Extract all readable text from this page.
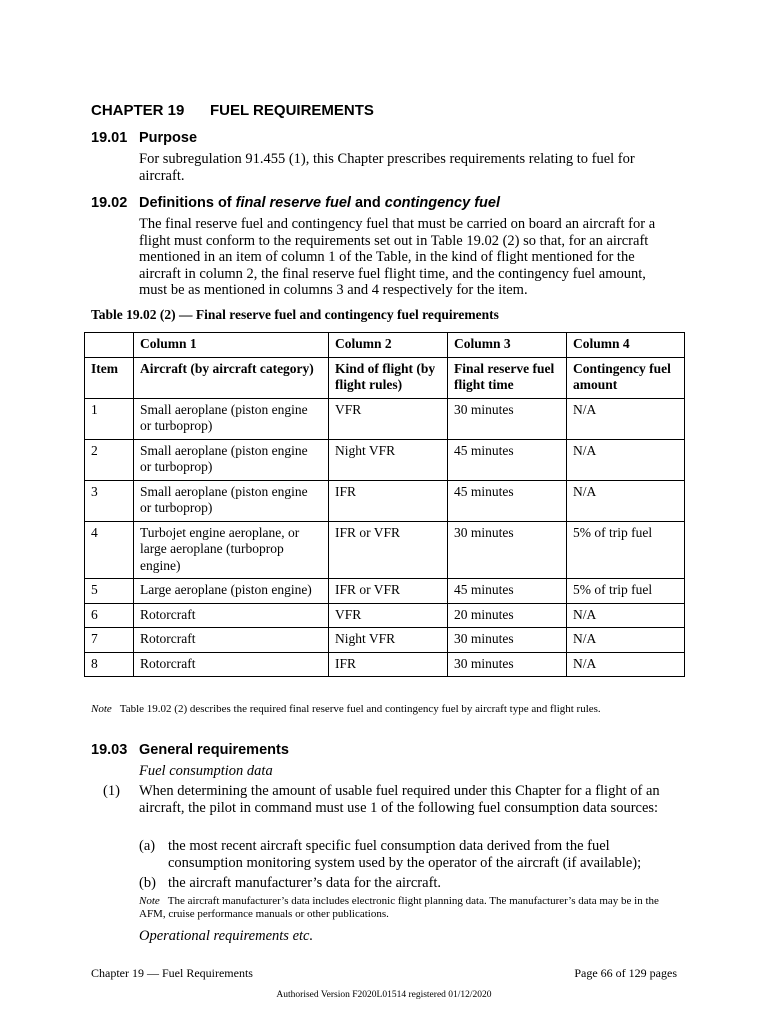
CHAPTER 19 FUEL REQUIREMENTS
19.01 Purpose
For subregulation 91.455 (1), this Chapter prescribes requirements relating to fuel for aircraft.
19.02 Definitions of final reserve fuel and contingency fuel
The final reserve fuel and contingency fuel that must be carried on board an aircraft for a flight must conform to the requirements set out in Table 19.02 (2) so that, for an aircraft mentioned in an item of column 1 of the Table, in the kind of flight mentioned for the aircraft in column 2, the final reserve fuel flight time, and the contingency fuel amount, must be as mentioned in columns 3 and 4 respectively for the item.
Table 19.02 (2) — Final reserve fuel and contingency fuel requirements
	Column 1	Column 2	Column 3	Column 4
Item	Aircraft (by aircraft category)	Kind of flight (by flight rules)	Final reserve fuel flight time	Contingency fuel amount
1	Small aeroplane (piston engine or turboprop)	VFR	30 minutes	N/A
2	Small aeroplane (piston engine or turboprop)	Night VFR	45 minutes	N/A
3	Small aeroplane (piston engine or turboprop)	IFR	45 minutes	N/A
4	Turbojet engine aeroplane, or large aeroplane (turboprop engine)	IFR or VFR	30 minutes	5% of trip fuel
5	Large aeroplane (piston engine)	IFR or VFR	45 minutes	5% of trip fuel
6	Rotorcraft	VFR	20 minutes	N/A
7	Rotorcraft	Night VFR	30 minutes	N/A
8	Rotorcraft	IFR	30 minutes	N/A
Note Table 19.02 (2) describes the required final reserve fuel and contingency fuel by aircraft type and flight rules.
19.03 General requirements
Fuel consumption data
(1) When determining the amount of usable fuel required under this Chapter for a flight of an aircraft, the pilot in command must use 1 of the following fuel consumption data sources:
(a) the most recent aircraft specific fuel consumption data derived from the fuel consumption monitoring system used by the operator of the aircraft (if available);
(b) the aircraft manufacturer’s data for the aircraft.
Note The aircraft manufacturer’s data includes electronic flight planning data. The manufacturer’s data may be in the AFM, cruise performance manuals or other publications.
Operational requirements etc.
Chapter 19 — Fuel Requirements	Page 66 of 129 pages
Authorised Version F2020L01514 registered 01/12/2020
